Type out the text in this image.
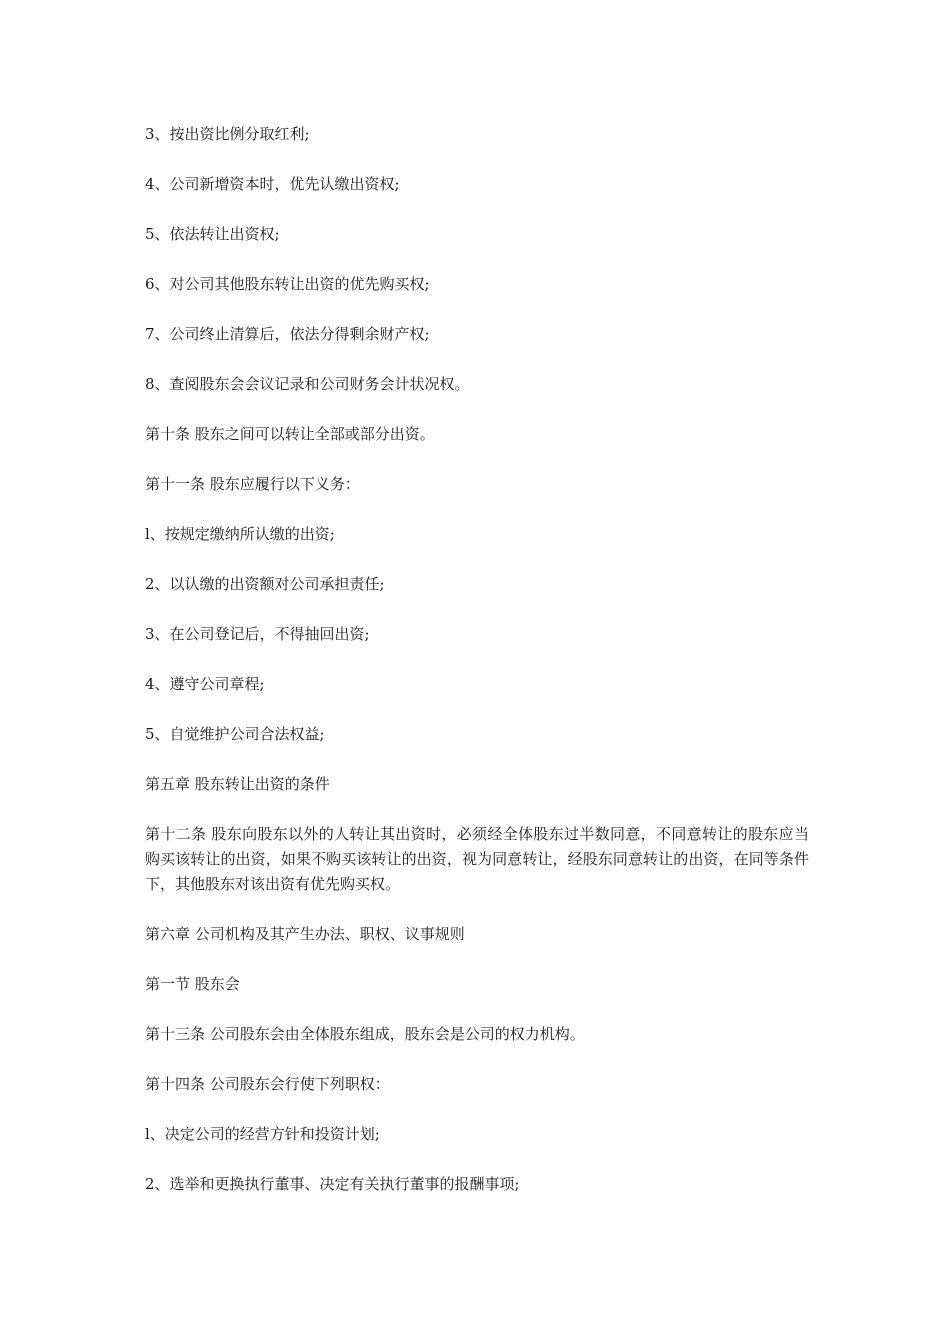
3、按出资比例分取红利;

4、公司新增资本时，优先认缴出资权;

5、依法转让出资权;

6、对公司其他股东转让出资的优先购买权;

7、公司终止清算后，依法分得剩余财产权;

8、查阅股东会会议记录和公司财务会计状况权。

第十条 股东之间可以转让全部或部分出资。

第十一条 股东应履行以下义务：

l、按规定缴纳所认缴的出资;

2、以认缴的出资额对公司承担责任;

3、在公司登记后，不得抽回出资;

4、遵守公司章程;

5、自觉维护公司合法权益;

第五章 股东转让出资的条件

第十二条 股东向股东以外的人转让其出资时，必须经全体股东过半数同意，不同意转让的股东应当购买该转让的出资，如果不购买该转让的出资，视为同意转让，经股东同意转让的出资，在同等条件下，其他股东对该出资有优先购买权。

第六章 公司机构及其产生办法、职权、议事规则

第一节 股东会

第十三条 公司股东会由全体股东组成，股东会是公司的权力机构。

第十四条 公司股东会行使下列职权：

l、决定公司的经营方针和投资计划;

2、选举和更换执行董事、决定有关执行董事的报酬事项;
